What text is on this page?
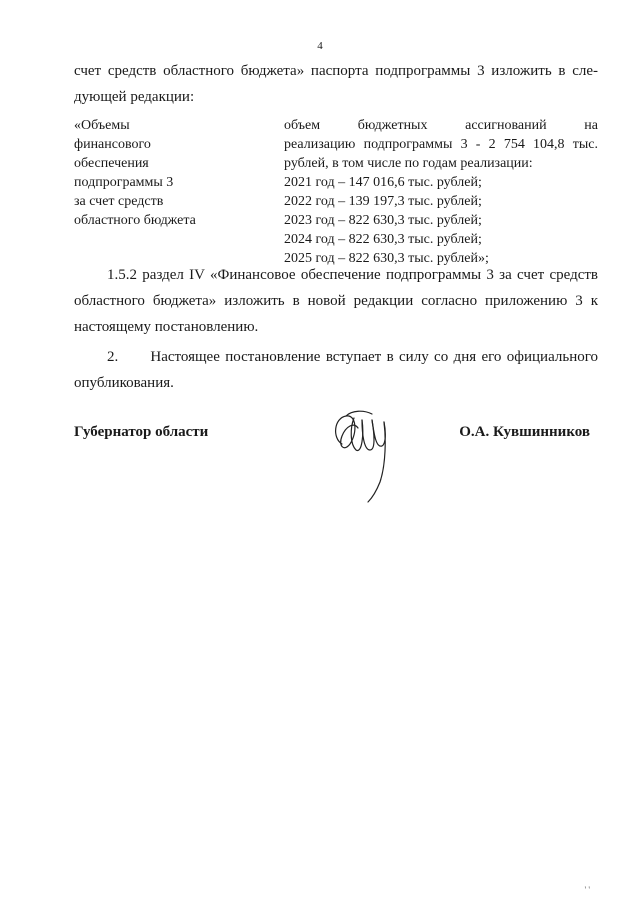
4
счет средств областного бюджета» паспорта подпрограммы 3 изложить в сле-
дующей редакции:
«Объемы
финансового
обеспечения
подпрограммы 3
за счет средств
областного бюджета
объем бюджетных ассигнований на
реализацию подпрограммы 3 - 2 754 104,8 тыс.
рублей, в том числе по годам реализации:
2021 год – 147 016,6 тыс. рублей;
2022 год – 139 197,3 тыс. рублей;
2023 год – 822 630,3 тыс. рублей;
2024 год – 822 630,3 тыс. рублей;
2025 год – 822 630,3 тыс. рублей»;
1.5.2 раздел IV «Финансовое обеспечение подпрограммы 3 за счет средств
областного бюджета» изложить в новой редакции согласно приложению 3 к
настоящему постановлению.
2.      Настоящее постановление вступает в силу со дня его официального
опубликования.
Губернатор области	О.А. Кувшинников
' '
